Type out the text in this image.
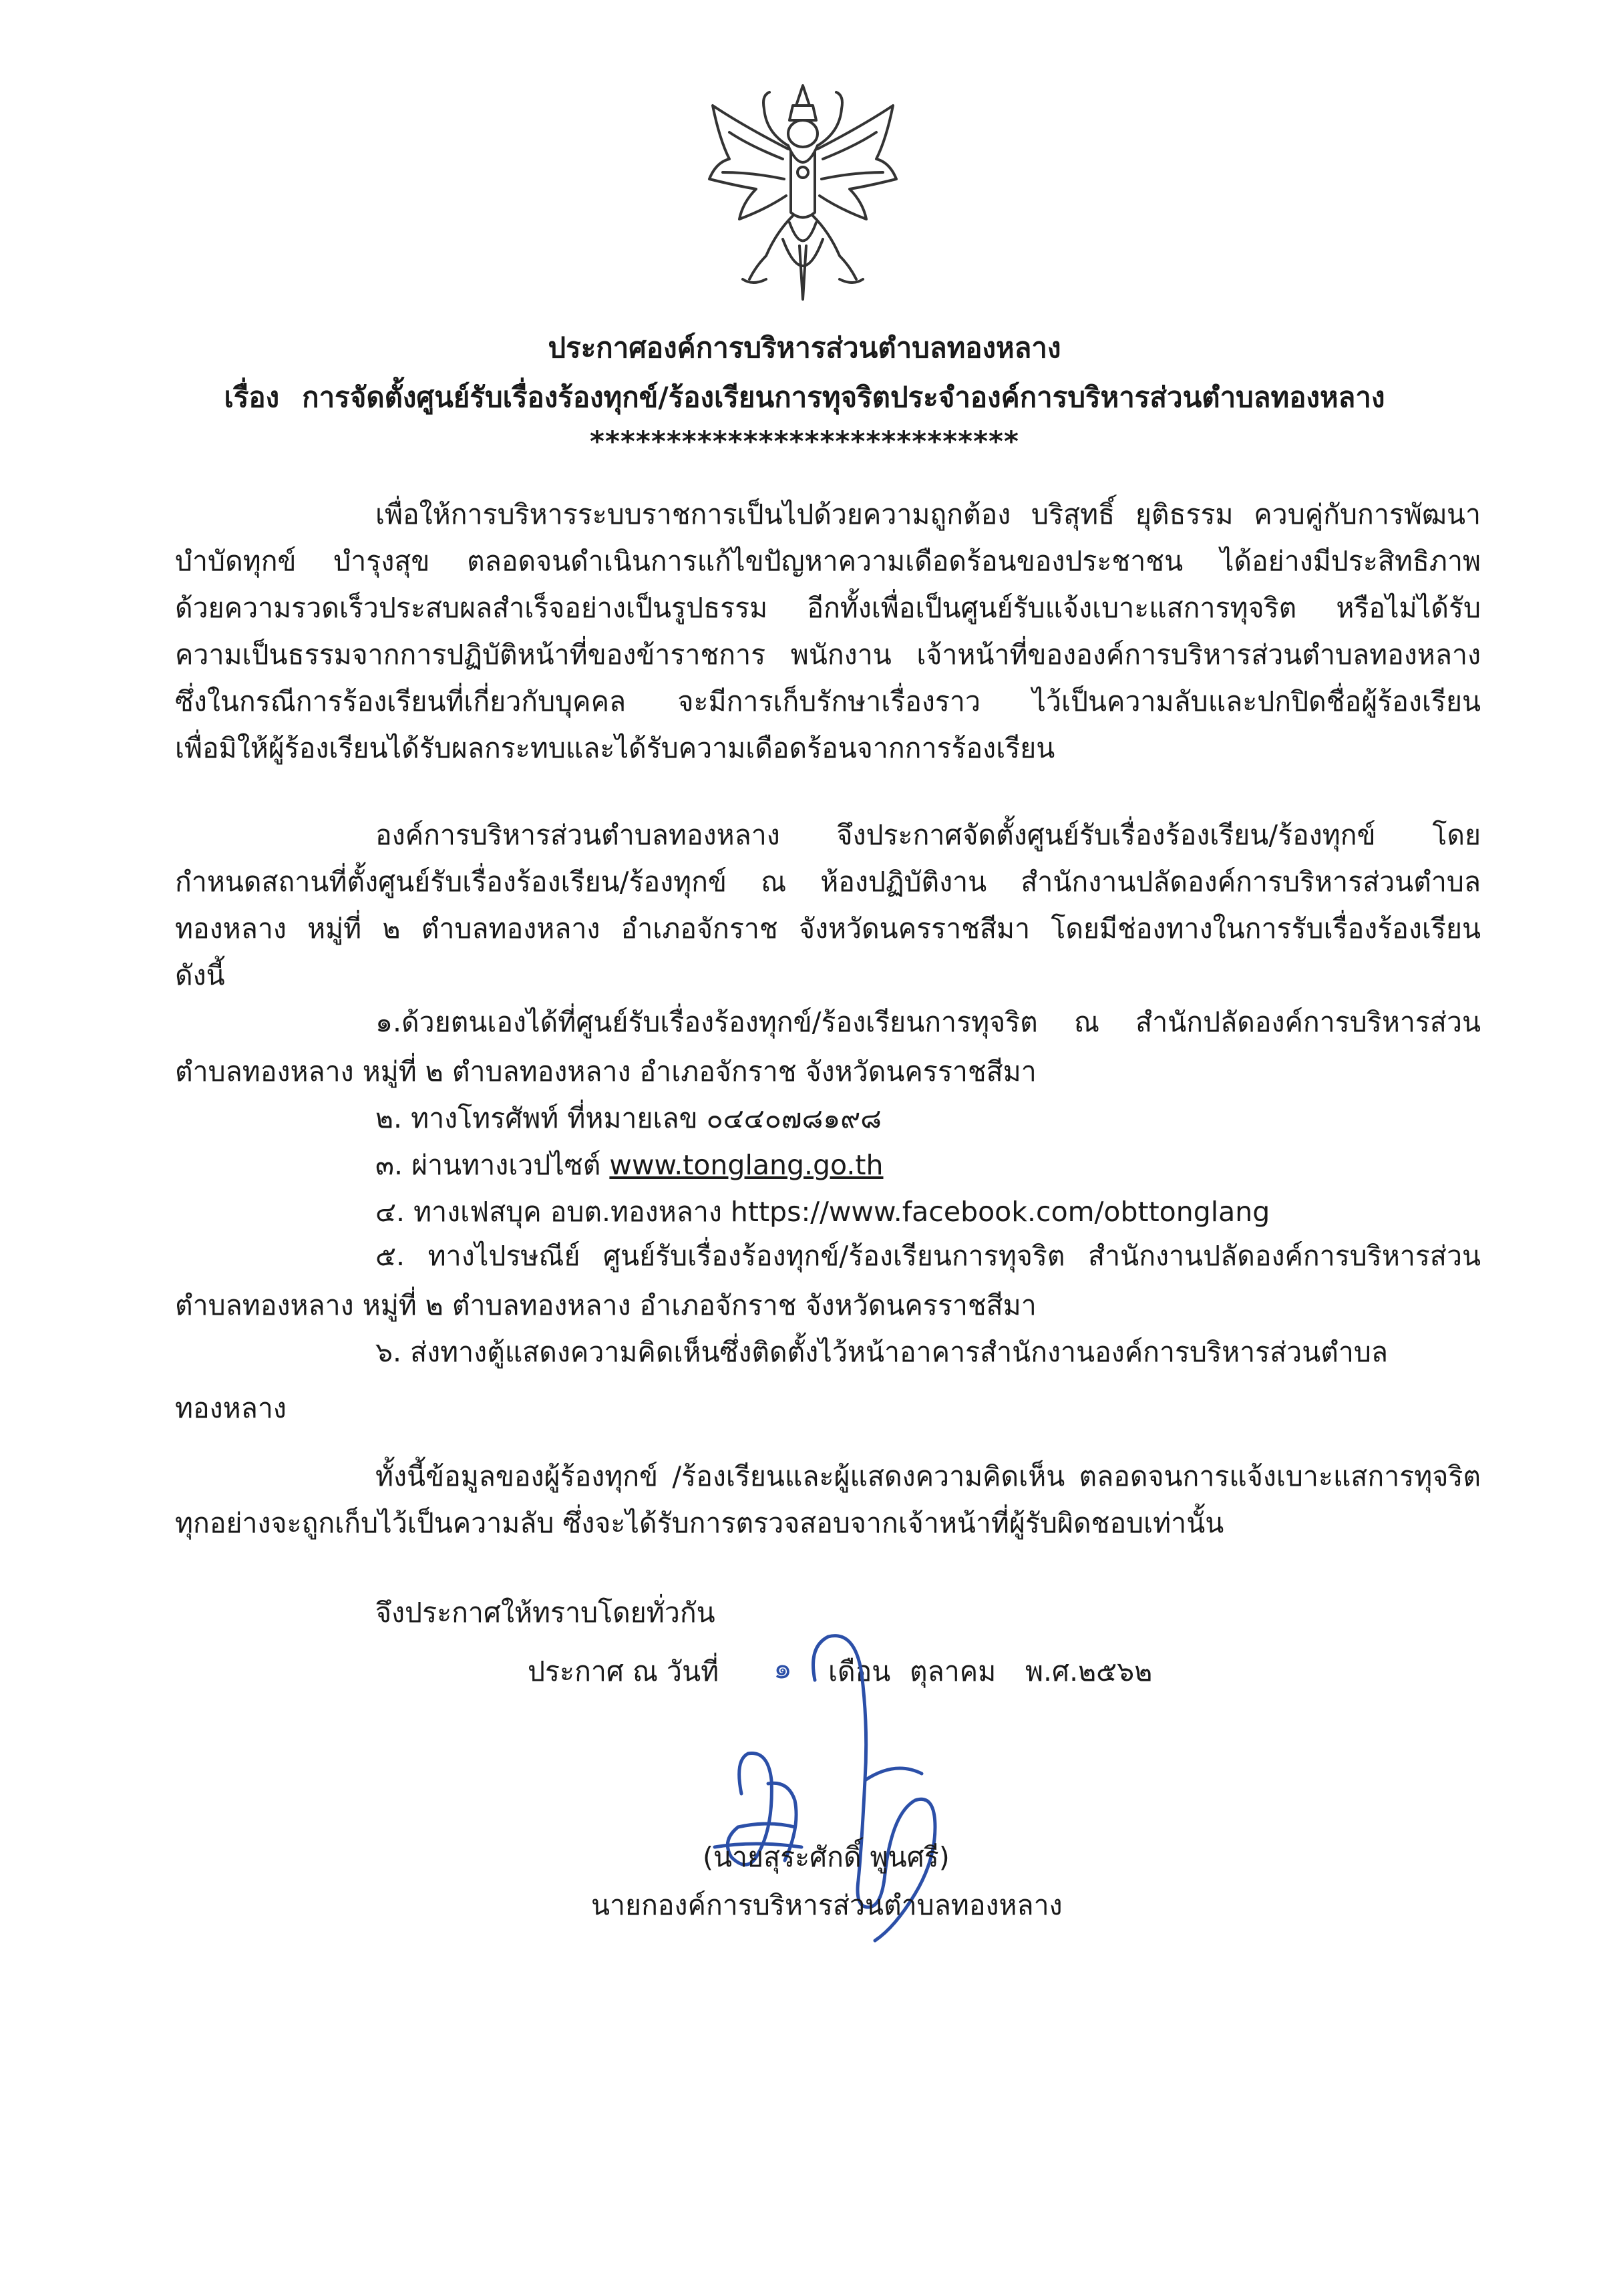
ประกาศองค์การบริหารส่วนตำบลทองหลาง
เรื่อง การจัดตั้งศูนย์รับเรื่องร้องทุกข์/ร้องเรียนการทุจริตประจำองค์การบริหารส่วนตำบลทองหลาง
****************************
เพื่อให้การบริหารระบบราชการเป็นไปด้วยความถูกต้อง บริสุทธิ์ ยุติธรรม ควบคู่กับการพัฒนา
บำบัดทุกข์ บำรุงสุข ตลอดจนดำเนินการแก้ไขปัญหาความเดือดร้อนของประชาชน ได้อย่างมีประสิทธิภาพ
ด้วยความรวดเร็วประสบผลสำเร็จอย่างเป็นรูปธรรม อีกทั้งเพื่อเป็นศูนย์รับแจ้งเบาะแสการทุจริต หรือไม่ได้รับ
ความเป็นธรรมจากการปฏิบัติหน้าที่ของข้าราชการ พนักงาน เจ้าหน้าที่ขององค์การบริหารส่วนตำบลทองหลาง
ซึ่งในกรณีการร้องเรียนที่เกี่ยวกับบุคคล จะมีการเก็บรักษาเรื่องราว ไว้เป็นความลับและปกปิดชื่อผู้ร้องเรียน
เพื่อมิให้ผู้ร้องเรียนได้รับผลกระทบและได้รับความเดือดร้อนจากการร้องเรียน
องค์การบริหารส่วนตำบลทองหลาง จึงประกาศจัดตั้งศูนย์รับเรื่องร้องเรียน/ร้องทุกข์ โดย
กำหนดสถานที่ตั้งศูนย์รับเรื่องร้องเรียน/ร้องทุกข์ ณ ห้องปฏิบัติงาน สำนักงานปลัดองค์การบริหารส่วนตำบล
ทองหลาง หมู่ที่ ๒ ตำบลทองหลาง อำเภอจักราช จังหวัดนครราชสีมา โดยมีช่องทางในการรับเรื่องร้องเรียน
ดังนี้
๑.ด้วยตนเองได้ที่ศูนย์รับเรื่องร้องทุกข์/ร้องเรียนการทุจริต ณ สำนักปลัดองค์การบริหารส่วน
ตำบลทองหลาง หมู่ที่ ๒ ตำบลทองหลาง อำเภอจักราช จังหวัดนครราชสีมา
๒. ทางโทรศัพท์ ที่หมายเลข ๐๔๔๐๗๘๑๙๘
๓. ผ่านทางเวปไซต์ www.tonglang.go.th
๔. ทางเฟสบุค อบต.ทองหลาง https://www.facebook.com/obttonglang
๕. ทางไปรษณีย์ ศูนย์รับเรื่องร้องทุกข์/ร้องเรียนการทุจริต สำนักงานปลัดองค์การบริหารส่วน
ตำบลทองหลาง หมู่ที่ ๒ ตำบลทองหลาง อำเภอจักราช จังหวัดนครราชสีมา
๖. ส่งทางตู้แสดงความคิดเห็นซึ่งติดตั้งไว้หน้าอาคารสำนักงานองค์การบริหารส่วนตำบล
ทองหลาง
ทั้งนี้ข้อมูลของผู้ร้องทุกข์ /ร้องเรียนและผู้แสดงความคิดเห็น ตลอดจนการแจ้งเบาะแสการทุจริต
ทุกอย่างจะถูกเก็บไว้เป็นความลับ ซึ่งจะได้รับการตรวจสอบจากเจ้าหน้าที่ผู้รับผิดชอบเท่านั้น
จึงประกาศให้ทราบโดยทั่วกัน
ประกาศ ณ วันที่ ๑ เดือน ตุลาคม พ.ศ.๒๕๖๒
(นายสุระศักดิ์ พูนศรี)
นายกองค์การบริหารส่วนตำบลทองหลาง
